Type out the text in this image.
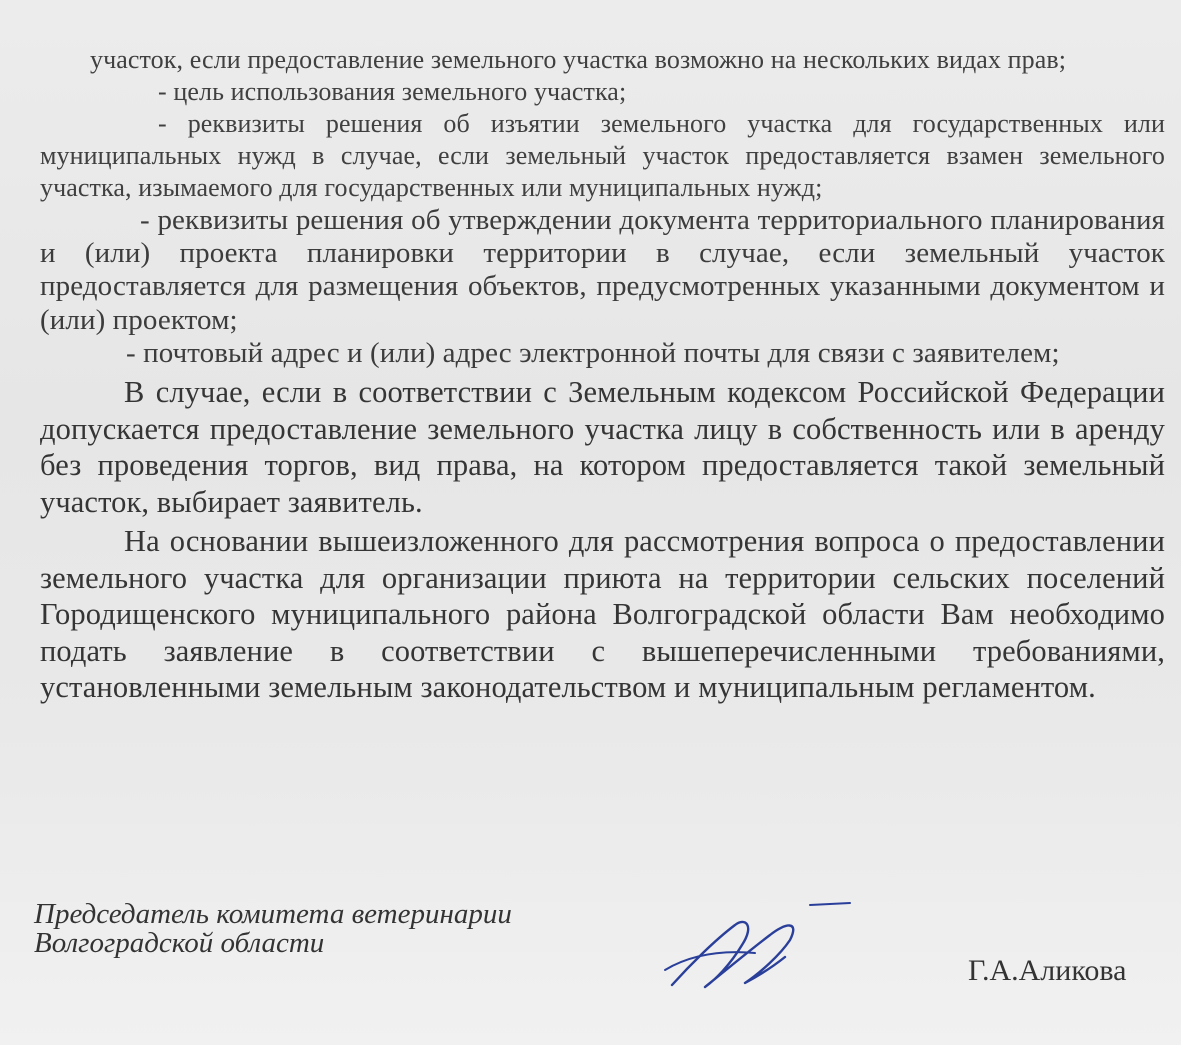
участок, если предоставление земельного участка возможно на нескольких видах прав;

- цель использования земельного участка;

- реквизиты решения об изъятии земельного участка для государственных или муниципальных нужд в случае, если земельный участок предоставляется взамен земельного участка, изымаемого для государственных или муниципальных нужд;

- реквизиты решения об утверждении документа территориального планирования и (или) проекта планировки территории в случае, если земельный участок предоставляется для размещения объектов, предусмотренных указанными документом и (или) проектом;

- почтовый адрес и (или) адрес электронной почты для связи с заявителем;

В случае, если в соответствии с Земельным кодексом Российской Федерации допускается предоставление земельного участка лицу в собственность или в аренду без проведения торгов, вид права, на котором предоставляется такой земельный участок, выбирает заявитель.

На основании вышеизложенного для рассмотрения вопроса о предоставлении земельного участка для организации приюта на территории сельских поселений Городищенского муниципального района Волгоградской области Вам необходимо подать заявление в соответствии с вышеперечисленными требованиями, установленными земельным законодательством и муниципальным регламентом.

Председатель комитета ветеринарии
Волгоградской области
Г.А.Аликова
